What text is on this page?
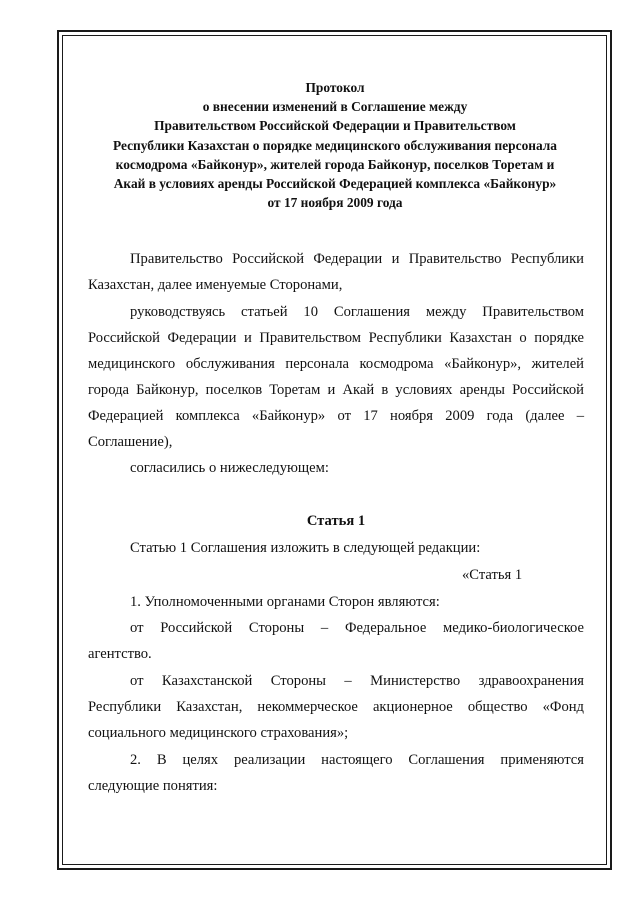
Протокол
о внесении изменений в Соглашение между
Правительством Российской Федерации и Правительством
Республики Казахстан о порядке медицинского обслуживания персонала
космодрома «Байконур», жителей города Байконур, поселков Торетам и
Акай в условиях аренды Российской Федерацией комплекса «Байконур»
от 17 ноября 2009 года
Правительство Российской Федерации и Правительство Республики
Казахстан, далее именуемые Сторонами,
руководствуясь статьей 10 Соглашения между Правительством
Российской Федерации и Правительством Республики Казахстан о порядке
медицинского обслуживания персонала космодрома «Байконур», жителей
города Байконур, поселков Торетам и Акай в условиях аренды Российской
Федерацией комплекса «Байконур» от 17 ноября 2009 года (далее –
Соглашение),
согласились о нижеследующем:
Статья 1
Статью 1 Соглашения изложить в следующей редакции:
«Статья 1
1. Уполномоченными органами Сторон являются:
от Российской Стороны – Федеральное медико-биологическое
агентство.
от Казахстанской Стороны – Министерство здравоохранения
Республики Казахстан, некоммерческое акционерное общество «Фонд
социального медицинского страхования»;
2. В целях реализации настоящего Соглашения применяются
следующие понятия:
